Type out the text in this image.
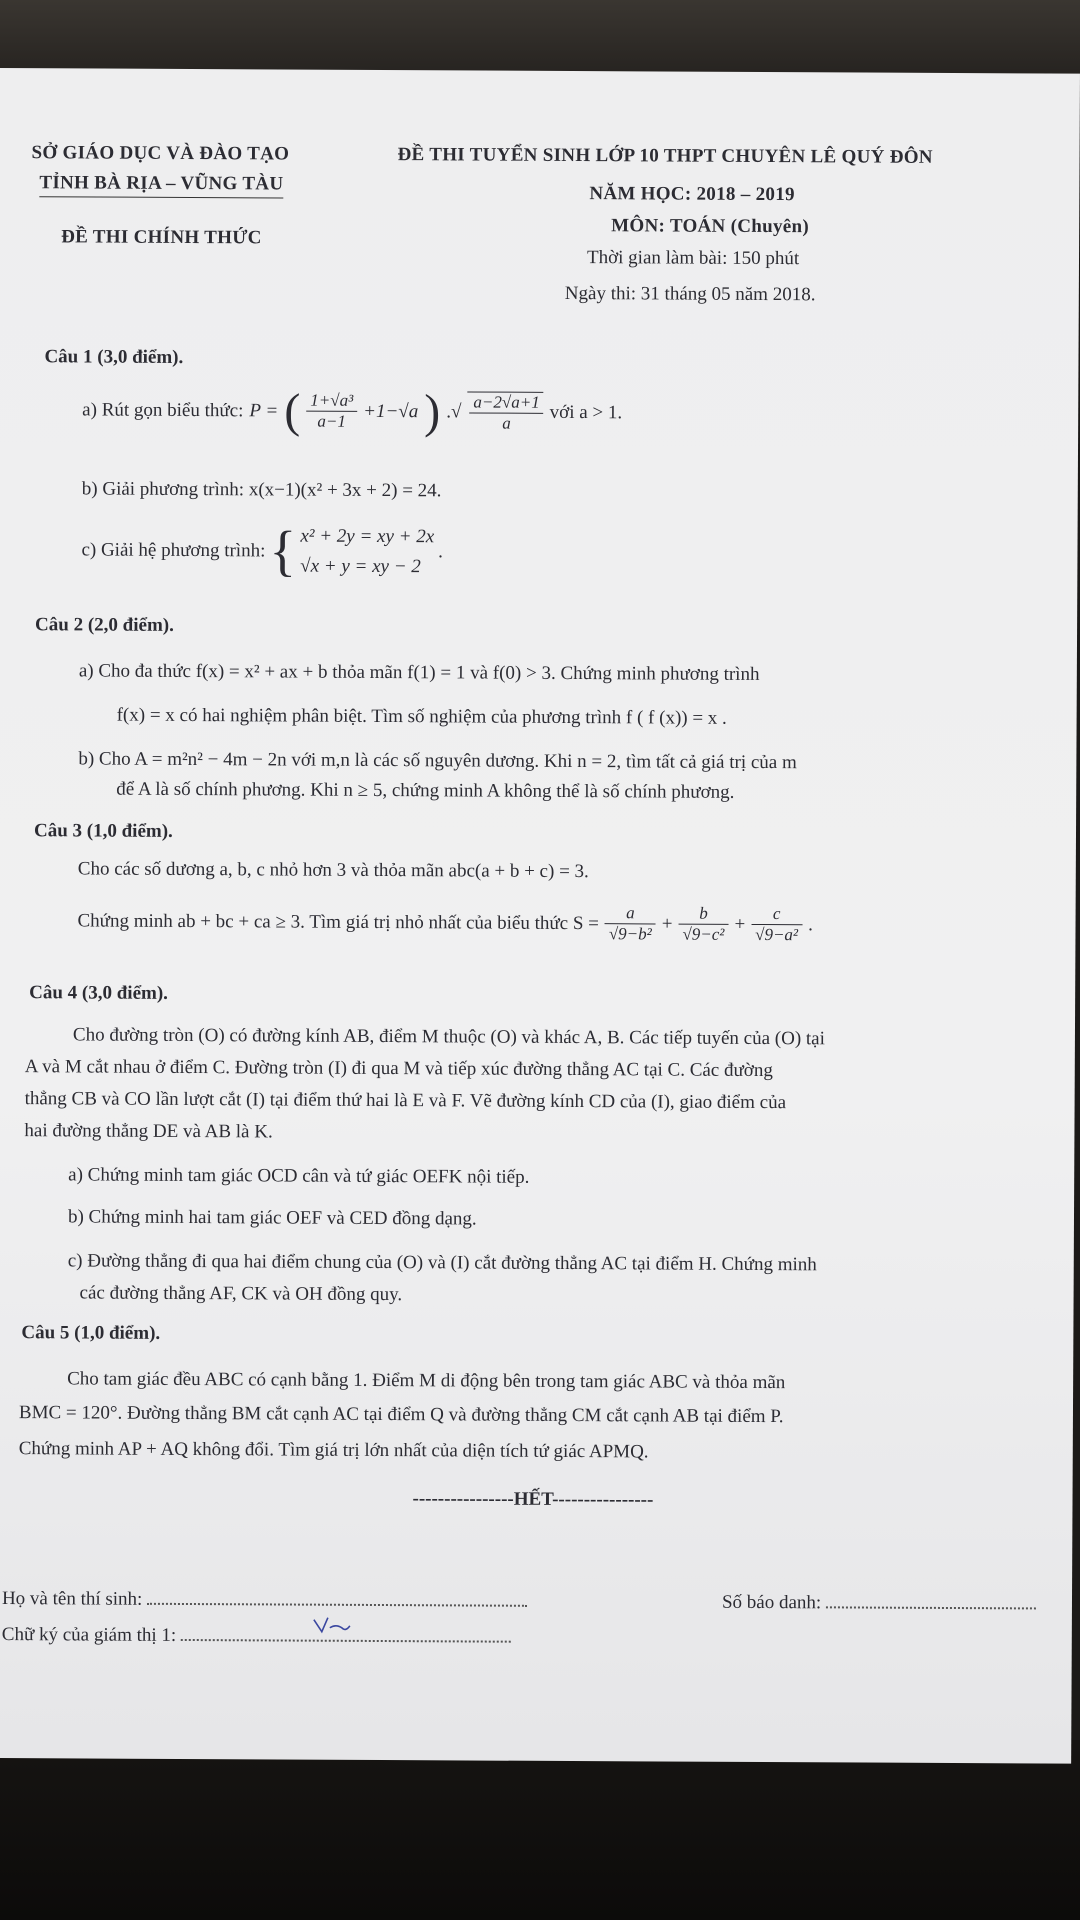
SỞ GIÁO DỤC VÀ ĐÀO TẠO
TỈNH BÀ RỊA – VŨNG TÀU
ĐỀ THI CHÍNH THỨC
ĐỀ THI TUYỂN SINH LỚP 10 THPT CHUYÊN LÊ QUÝ ĐÔN
NĂM HỌC: 2018 – 2019
MÔN: TOÁN (Chuyên)
Thời gian làm bài: 150 phút
Ngày thi: 31 tháng 05 năm 2018.
Câu 1 (3,0 điểm).
a) Rút gọn biểu thức: P = ( $\frac{\text{1+√a³}}{a-1} +1-√a$ ) .√ $\frac{a-2√a+1}{a}$ với a > 1.
b) Giải phương trình: x(x−1)(x² + 3x + 2) = 24.
c) Giải hệ phương trình: { x² + 2y = xy + 2x
√x + y = xy − 2
.
Câu 2 (2,0 điểm).
a) Cho đa thức f(x) = x² + ax + b thỏa mãn f(1) = 1 và f(0) > 3. Chứng minh phương trình
f(x) = x có hai nghiệm phân biệt. Tìm số nghiệm của phương trình f ( f (x)) = x .
b) Cho A = m²n² − 4m − 2n với m,n là các số nguyên dương. Khi n = 2, tìm tất cả giá trị của m
để A là số chính phương. Khi n ≥ 5, chứng minh A không thể là số chính phương.
Câu 3 (1,0 điểm).
Cho các số dương a, b, c nhỏ hơn 3 và thỏa mãn abc(a + b + c) = 3.
Chứng minh ab + bc + ca ≥ 3. Tìm giá trị nhỏ nhất của biểu thức $S = \frac{a}{\text{√9−b²}} + \frac{b}{\text{√9−c²}} + \frac{c}{\text{√9−a²}}$ .
Câu 4 (3,0 điểm).
Cho đường tròn (O) có đường kính AB, điểm M thuộc (O) và khác A, B. Các tiếp tuyến của (O) tại
A và M cắt nhau ở điểm C. Đường tròn (I) đi qua M và tiếp xúc đường thẳng AC tại C. Các đường
thẳng CB và CO lần lượt cắt (I) tại điểm thứ hai là E và F. Vẽ đường kính CD của (I), giao điểm của
hai đường thẳng DE và AB là K.
a) Chứng minh tam giác OCD cân và tứ giác OEFK nội tiếp.
b) Chứng minh hai tam giác OEF và CED đồng dạng.
c) Đường thẳng đi qua hai điểm chung của (O) và (I) cắt đường thẳng AC tại điểm H. Chứng minh
các đường thẳng AF, CK và OH đồng quy.
Câu 5 (1,0 điểm).
Cho tam giác đều ABC có cạnh bằng 1. Điểm M di động bên trong tam giác ABC và thỏa mãn
BMC = 120°. Đường thẳng BM cắt cạnh AC tại điểm Q và đường thẳng CM cắt cạnh AB tại điểm P.
Chứng minh AP + AQ không đổi. Tìm giá trị lớn nhất của diện tích tứ giác APMQ.
----------------HẾT----------------
Họ và tên thí sinh:	Số báo danh:
Chữ ký của giám thị 1:
